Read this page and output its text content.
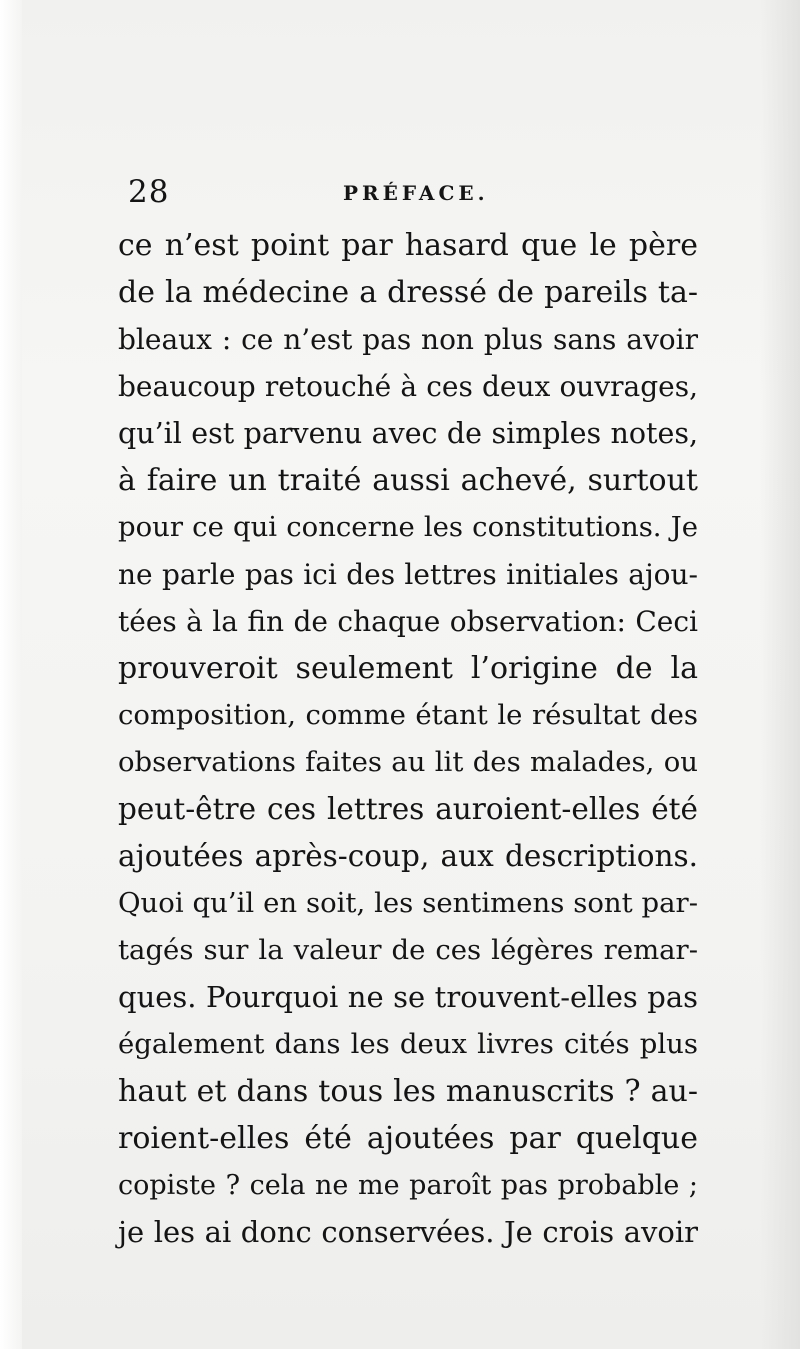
28	PRÉFACE.
ce n’est point par hasard que le père
de la médecine a dressé de pareils ta-
bleaux : ce n’est pas non plus sans avoir
beaucoup retouché à ces deux ouvrages,
qu’il est parvenu avec de simples notes,
à faire un traité aussi achevé, surtout
pour ce qui concerne les constitutions. Je
ne parle pas ici des lettres initiales ajou-
tées à la fin de chaque observation: Ceci
prouveroit seulement l’origine de la
composition, comme étant le résultat des
observations faites au lit des malades, ou
peut-être ces lettres auroient-elles été
ajoutées après-coup, aux descriptions.
Quoi qu’il en soit, les sentimens sont par-
tagés sur la valeur de ces légères remar-
ques. Pourquoi ne se trouvent-elles pas
également dans les deux livres cités plus
haut et dans tous les manuscrits ? au-
roient-elles été ajoutées par quelque
copiste ? cela ne me paroît pas probable ;
je les ai donc conservées. Je crois avoir
